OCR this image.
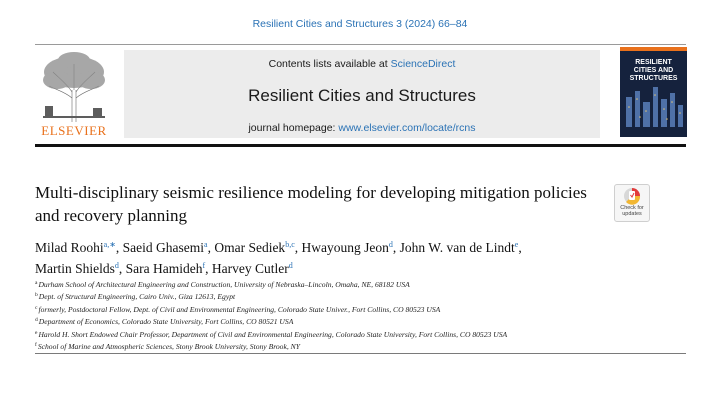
Resilient Cities and Structures 3 (2024) 66–84
ELSEVIER
Contents lists available at ScienceDirect
Resilient Cities and Structures
journal homepage: www.elsevier.com/locate/rcns
RESILIENT
CITIES AND
STRUCTURES
Multi-disciplinary seismic resilience modeling for developing mitigation policies and recovery planning	Check for
updates
Milad Roohi$^{a,∗}$, Saeid Ghasemi$^a$, Omar Sediek$^{b,c}$, Hwayoung Jeon$^d$, John W. van de Lindt$^e$,
Martin Shields$^d$, Sara Hamideh$^f$, Harvey Cutler$^d$
$^a$Durham School of Architectural Engineering and Construction, University of Nebraska–Lincoln, Omaha, NE, 68182 USA
$^b$Dept. of Structural Engineering, Cairo Univ., Giza 12613, Egypt
$^c$formerly, Postdoctoral Fellow, Dept. of Civil and Environmental Engineering, Colorado State Univer., Fort Collins, CO 80523 USA
$^d$Department of Economics, Colorado State University, Fort Collins, CO 80521 USA
$^e$Harold H. Short Endowed Chair Professor, Department of Civil and Environmental Engineering, Colorado State University, Fort Collins, CO 80523 USA
$^f$School of Marine and Atmospheric Sciences, Stony Brook University, Stony Brook, NY
